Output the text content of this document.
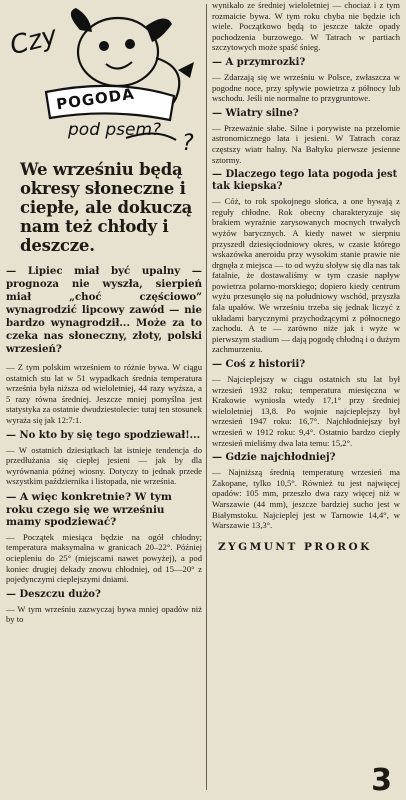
?
Czy
POGODA
pod psem?
We wrześniu będą okresy słoneczne i ciepłe, ale dokuczą nam też chłody i deszcze.
— Lipiec miał być upalny — prognoza nie wyszła, sierpień miał „choć częściowo” wynagrodzić lipcowy zawód — nie bardzo wynagrodził... Może za to czeka nas słoneczny, złoty, polski wrzesień?

— Z tym polskim wrześniem to różnie bywa. W ciągu ostatnich stu lat w 51 wypadkach średnia temperatura września była niższa od wieloletniej, 44 razy wyższa, a 5 razy równa średniej. Jeszcze mniej pomyślna jest statystyka za ostatnie dwudziestolecie: tutaj ten stosunek wyraża się jak 12:7:1.

— No kto by się tego spodziewał!...

— W ostatnich dziesiątkach lat istnieje tendencja do przedłużania się ciepłej jesieni — jak by dla wyrównania późnej wiosny. Dotyczy to jednak przede wszystkim października i listopada, nie września.

— A więc konkretnie? W tym roku czego się we wrześniu mamy spodziewać?

— Początek miesiąca będzie na ogół chłodny; temperatura maksymalna w granicach 20–22°. Później ociepleniu do 25° (miejscami nawet powyżej), a pod koniec drugiej dekady znowu chłodniej, od 15—20° z pojedynczymi cieplejszymi dniami.

— Deszczu dużo?

— W tym wrześniu zazwyczaj bywa mniej opadów niż by to

wynikało ze średniej wieloletniej — chociaż i z tym rozmaicie bywa. W tym roku chyba nie będzie ich wiele. Początkowo będą to jeszcze także opady pochodzenia burzowego. W Tatrach w partiach szczytowych może spaść śnieg.

— A przymrozki?

— Zdarzają się we wrześniu w Polsce, zwłaszcza w pogodne noce, przy spływie powietrza z północy lub wschodu. Jeśli nie normalne to przygruntowe.

— Wiatry silne?

— Przeważnie słabe. Silne i porywiste na przełomie astronomicznego lata i jesieni. W Tatrach coraz częstszy wiatr halny. Na Bałtyku pierwsze jesienne sztormy.

— Dlaczego tego lata pogoda jest tak kiepska?

— Cóż, to rok spokojnego słońca, a one bywają z reguły chłodne. Rok obecny charakteryzuje się brakiem wyraźnie zarysowanych mocnych trwałych wyżów barycznych. A kiedy nawet w sierpniu przyszedł dziesięciodniowy okres, w czasie którego wskazówka aneroidu przy wysokim stanie prawie nie drgnęła z miejsca — to od wyżu słoływ się dla nas tak fatalnie, że dostawaliśmy w tym czasie napływ powietrza polarno-morskiego; dopiero kiedy centrum wyżu przesunęło się na południowy wschód, przyszła fala upałów. We wrześniu trzeba się jednak liczyć z układami barycznymi przychodzącymi z północnego zachodu. A te — zarówno niże jak i wyże w pierwszym stadium — dają pogodę chłodną i o dużym zachmurzeniu.

— Coś z historii?

— Najcieplejszy w ciągu ostatnich stu lat był wrzesień 1932 roku; temperatura miesięczna w Krakowie wyniosła wtedy 17,1° przy średniej wieloletniej 13,8. Po wojnie najcieplejszy był wrzesień 1947 roku: 16,7°. Najchłodniejszy był wrzesień w 1912 roku: 9,4°. Ostatnio bardzo ciepły wrzesień mieliśmy dwa lata temu: 15,2°.

— Gdzie najchłodniej?

— Najniższą średnią temperaturę wrzesień ma Zakopane, tylko 10,5°. Również tu jest najwięcej opadów: 105 mm, przeszło dwa razy więcej niż w Warszawie (44 mm), jeszcze bardziej sucho jest w Białymstoku. Najcieplej jest w Tarnowie 14,4°, w Warszawie 13,3°.

ZYGMUNT PROROK
3
